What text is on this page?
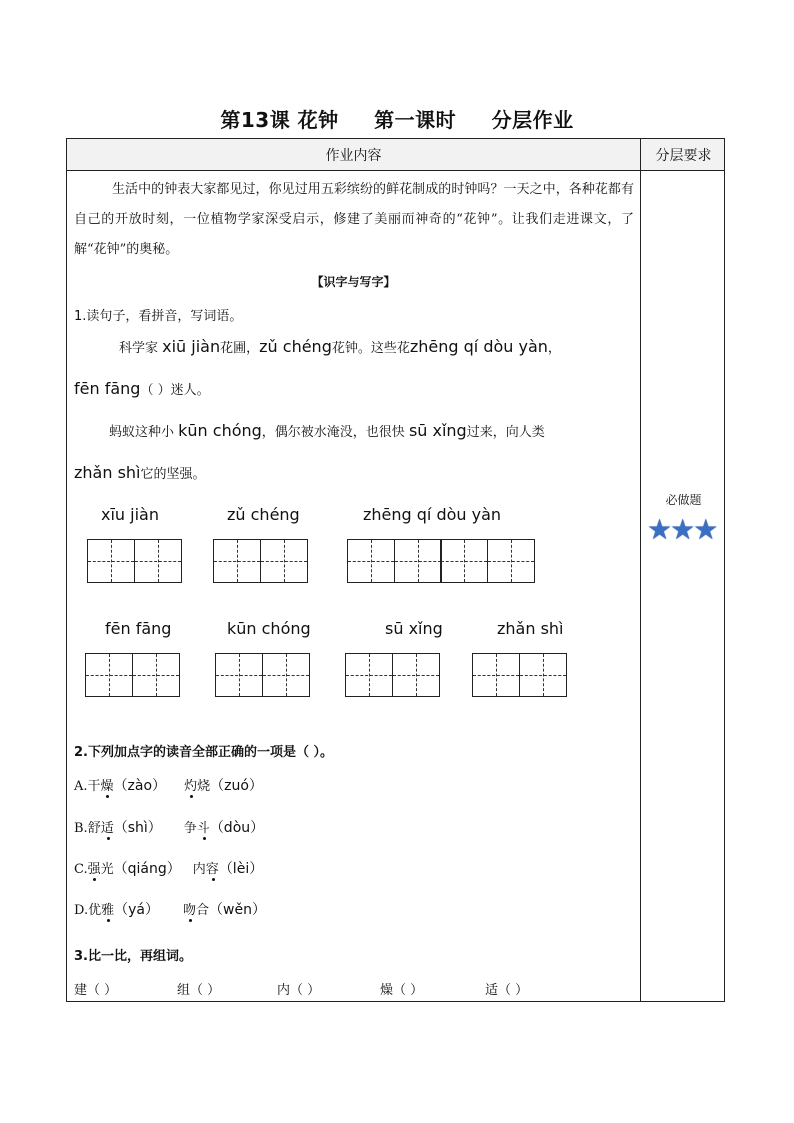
第13课 花钟 第一课时 分层作业
作业内容	分层要求

生活中的钟表大家都见过，你见过用五彩缤纷的鲜花制成的时钟吗？一天之中，各种花都有自己的开放时刻，一位植物学家深受启示，修建了美丽而神奇的“花钟”。让我们走进课文，了解“花钟”的奥秘。

【识字与写字】
1.读句子，看拼音，写词语。
科学家 xiū jiàn花圃，zǔ chéng花钟。这些花zhēng qí dòu yàn，
fēn fāng（ ）迷人。
蚂蚁这种小 kūn chóng，偶尔被水淹没，也很快 sū xǐng过来，向人类
zhǎn shì它的坚强。
xīu jiàn	zǔ chéng	zhēng qí dòu yàn
fēn fāng	kūn chóng	sū xǐng	zhǎn shì
2.下列加点字的读音全部正确的一项是（ ）。
A.干燥（zào） 灼烧（zuó）
B.舒适（shì） 争斗（dòu）
C.强光（qiáng） 内容（lèi）
D.优雅（yá） 吻合（wěn）
3.比一比，再组词。
建（ ）	组（ ）	内（ ）	燥（ ）	适（ ）
必做题
★★★
